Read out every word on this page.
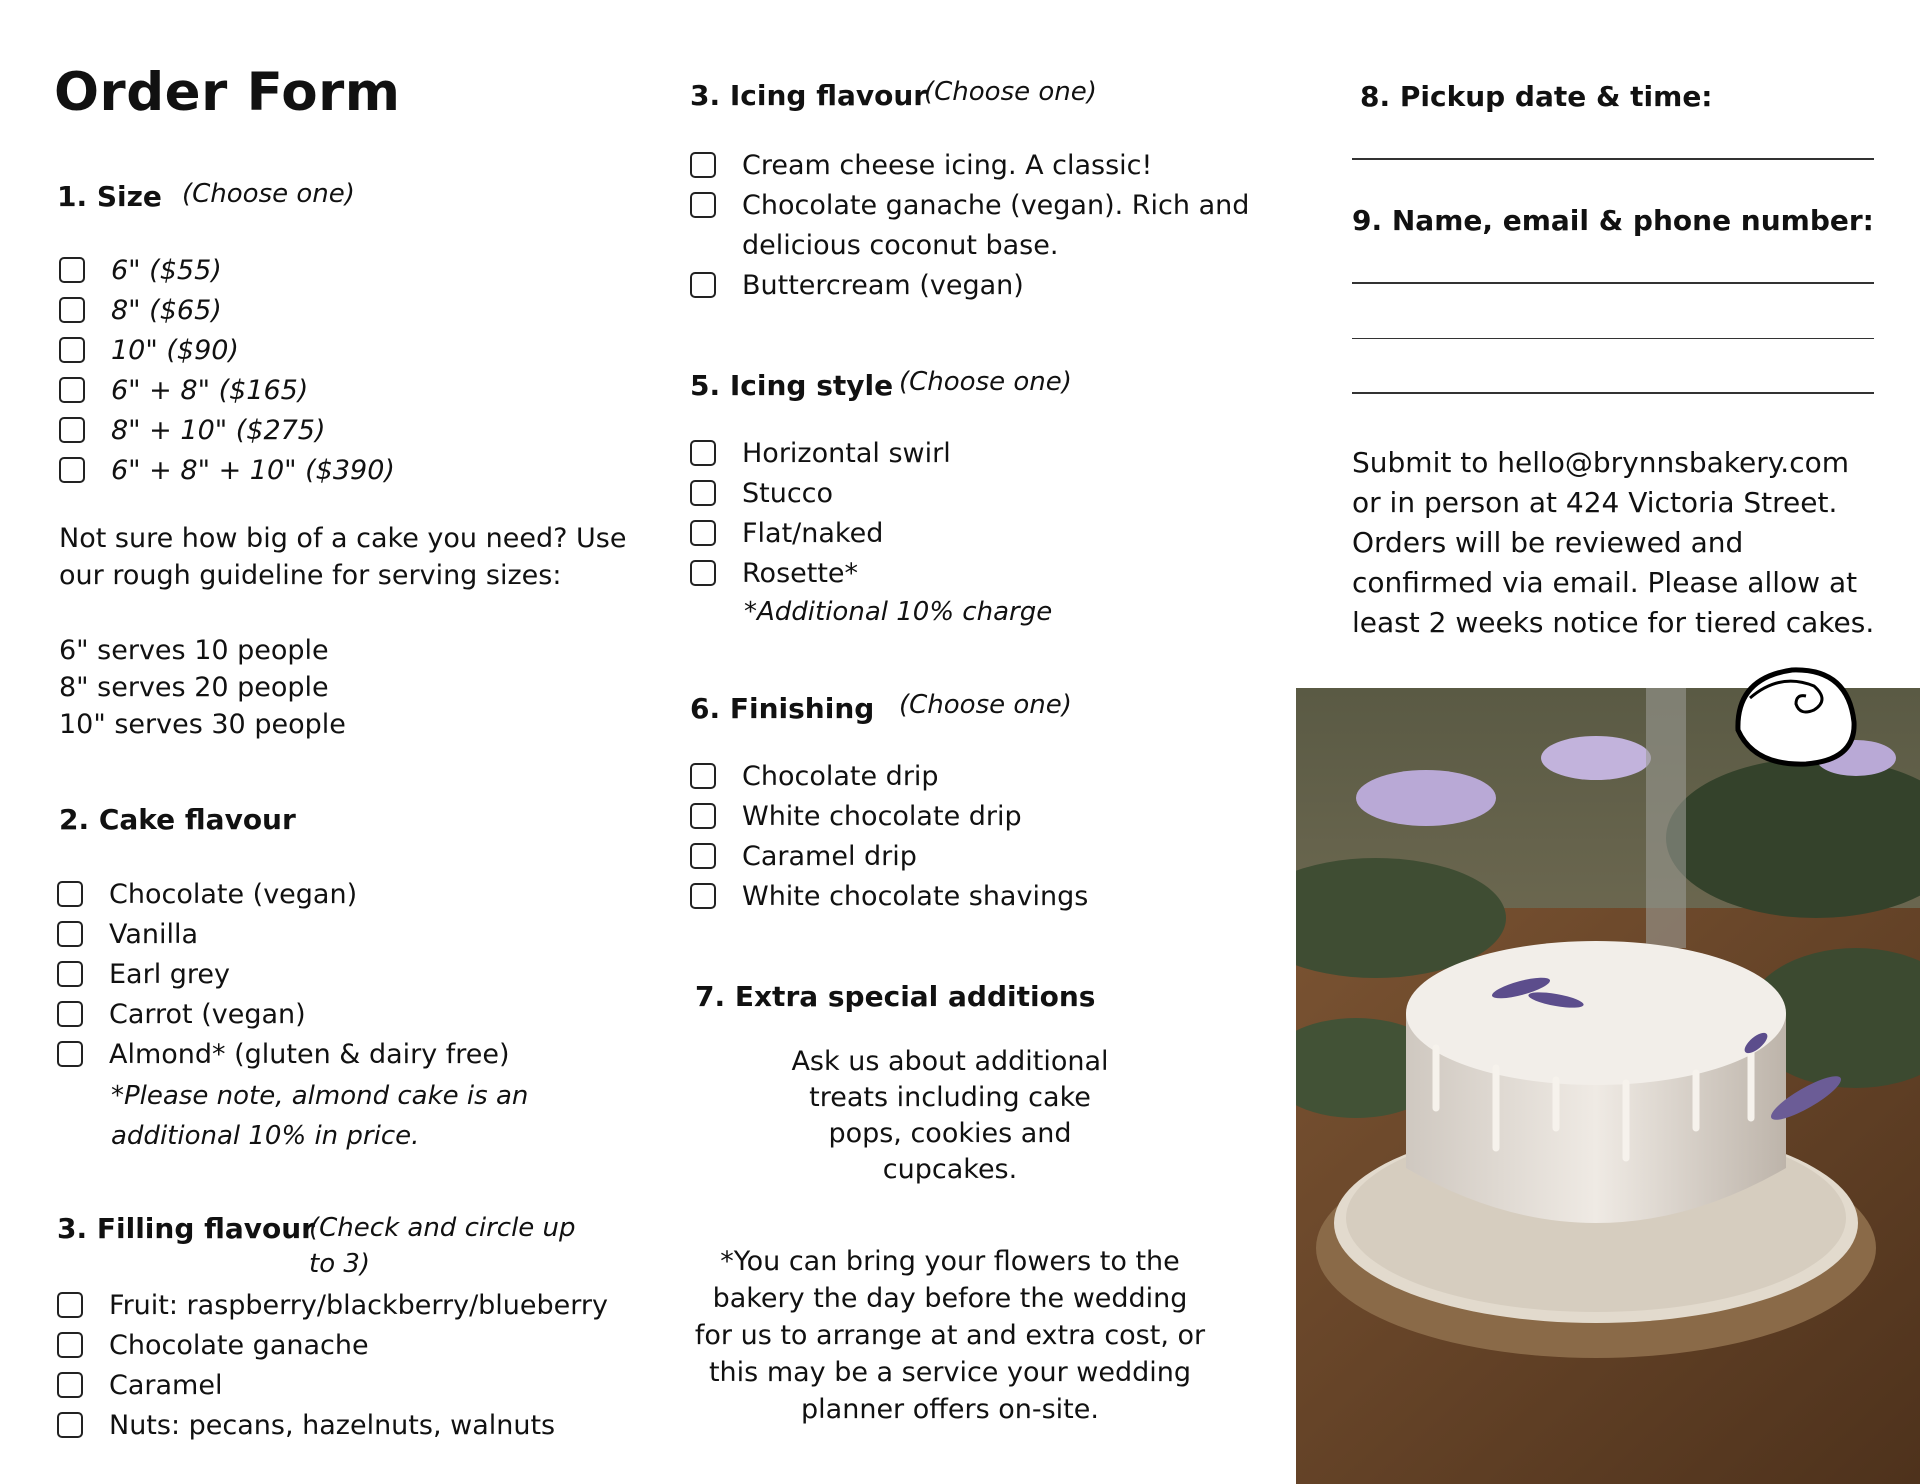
Order Form
1. Size (Choose one)
6" ($55)
8" ($65)
10" ($90)
6" + 8" ($165)
8" + 10" ($275)
6" + 8" + 10" ($390)
Not sure how big of a cake you need? Use
our rough guideline for serving sizes:
6" serves 10 people
8" serves 20 people
10" serves 30 people
2. Cake flavour
Chocolate (vegan)
Vanilla
Earl grey
Carrot (vegan)
Almond* (gluten & dairy free)
*Please note, almond cake is an
additional 10% in price.
3. Filling flavour
(Check and circle up
to 3)
Fruit: raspberry/blackberry/blueberry
Chocolate ganache
Caramel
Nuts: pecans, hazelnuts, walnuts
3. Icing flavour
(Choose one)
Cream cheese icing. A classic!
Chocolate ganache (vegan). Rich and
delicious coconut base.
Buttercream (vegan)
5. Icing style (Choose one)
Horizontal swirl
Stucco
Flat/naked
Rosette*
*Additional 10% charge
6. Finishing (Choose one)
Chocolate drip
White chocolate drip
Caramel drip
White chocolate shavings
7. Extra special additions
Ask us about additional
treats including cake
pops, cookies and
cupcakes.
*You can bring your flowers to the
bakery the day before the wedding
for us to arrange at and extra cost, or
this may be a service your wedding
planner offers on-site.
8. Pickup date & time:
9. Name, email & phone number:
Submit to hello@brynnsbakery.com
or in person at 424 Victoria Street.
Orders will be reviewed and
confirmed via email. Please allow at
least 2 weeks notice for tiered cakes.
